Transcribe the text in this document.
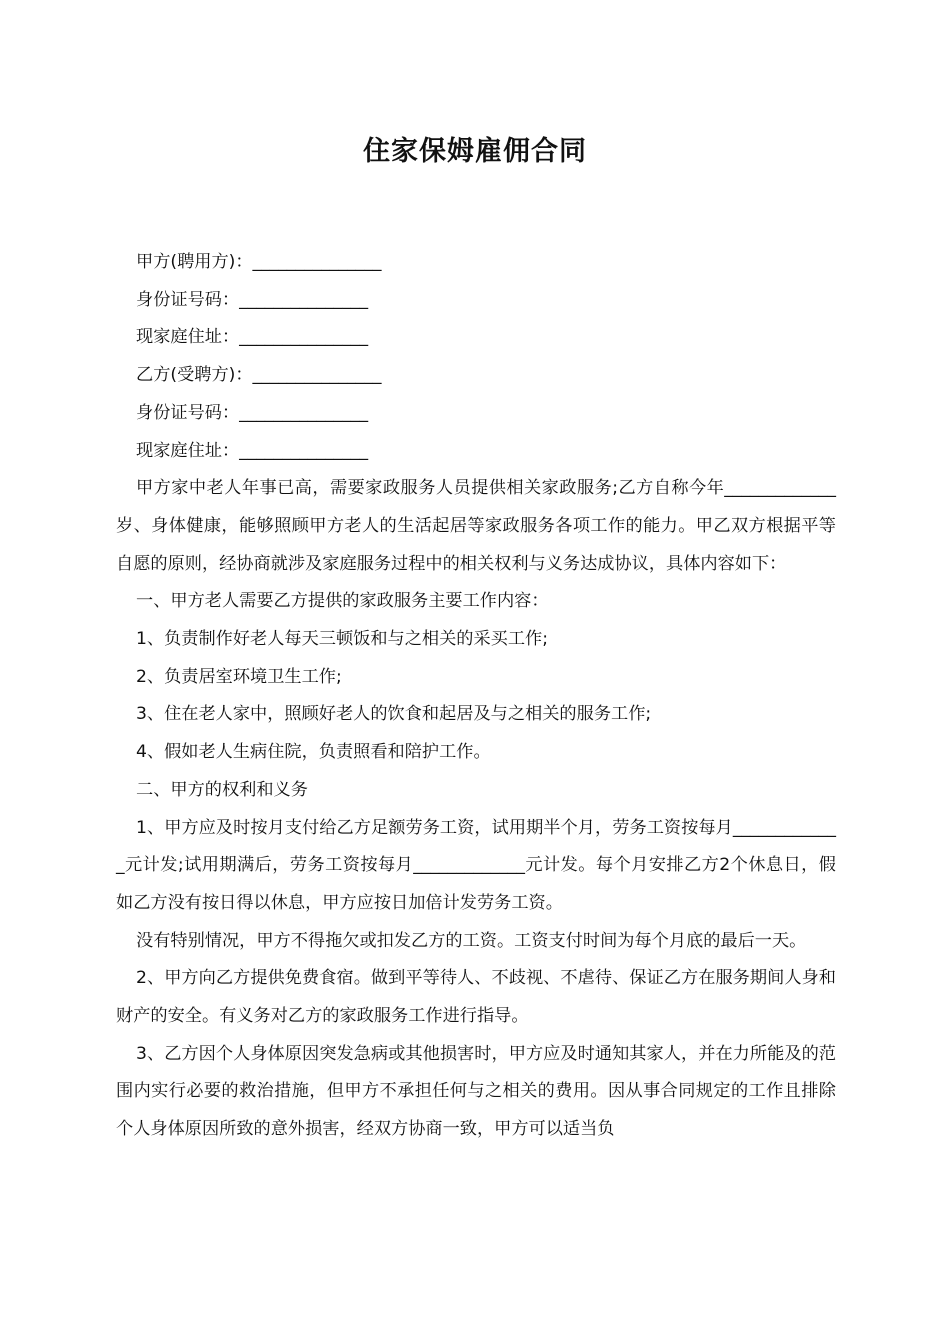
住家保姆雇佣合同

甲方(聘用方)：_______________

身份证号码：_______________

现家庭住址：_______________

乙方(受聘方)：_______________

身份证号码：_______________

现家庭住址：_______________

甲方家中老人年事已高，需要家政服务人员提供相关家政服务;乙方自称今年_____________岁、身体健康，能够照顾甲方老人的生活起居等家政服务各项工作的能力。甲乙双方根据平等自愿的原则，经协商就涉及家庭服务过程中的相关权利与义务达成协议，具体内容如下：

一、甲方老人需要乙方提供的家政服务主要工作内容：

1、负责制作好老人每天三顿饭和与之相关的采买工作;

2、负责居室环境卫生工作;

3、住在老人家中，照顾好老人的饮食和起居及与之相关的服务工作;

4、假如老人生病住院，负责照看和陪护工作。

二、甲方的权利和义务

1、甲方应及时按月支付给乙方足额劳务工资，试用期半个月，劳务工资按每月_____________元计发;试用期满后，劳务工资按每月_____________元计发。每个月安排乙方2个休息日，假如乙方没有按日得以休息，甲方应按日加倍计发劳务工资。

没有特别情况，甲方不得拖欠或扣发乙方的工资。工资支付时间为每个月底的最后一天。

2、甲方向乙方提供免费食宿。做到平等待人、不歧视、不虐待、保证乙方在服务期间人身和财产的安全。有义务对乙方的家政服务工作进行指导。

3、乙方因个人身体原因突发急病或其他损害时，甲方应及时通知其家人，并在力所能及的范围内实行必要的救治措施，但甲方不承担任何与之相关的费用。因从事合同规定的工作且排除个人身体原因所致的意外损害，经双方协商一致，甲方可以适当负
